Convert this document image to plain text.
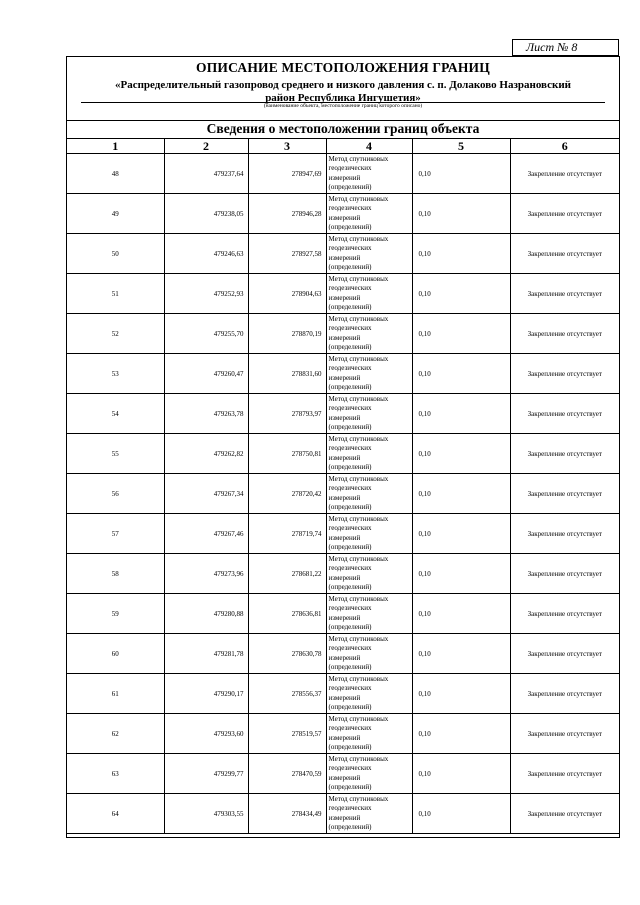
Лист № 8
ОПИСАНИЕ МЕСТОПОЛОЖЕНИЯ ГРАНИЦ
«Распределительный газопровод среднего и низкого давления с. п. Долаково Назрановский
район Республика Ингушетия»
(наименование объекта, местоположение границ которого описано)
Сведения о местоположении границ объекта
1	2	3	4	5	6
48	479237,64	278947,69	Метод спутниковых геодезических измерений (определений)	0,10	Закрепление отсутствует
49	479238,05	278946,28	Метод спутниковых геодезических измерений (определений)	0,10	Закрепление отсутствует
50	479246,63	278927,58	Метод спутниковых геодезических измерений (определений)	0,10	Закрепление отсутствует
51	479252,93	278904,63	Метод спутниковых геодезических измерений (определений)	0,10	Закрепление отсутствует
52	479255,70	278870,19	Метод спутниковых геодезических измерений (определений)	0,10	Закрепление отсутствует
53	479260,47	278831,60	Метод спутниковых геодезических измерений (определений)	0,10	Закрепление отсутствует
54	479263,78	278793,97	Метод спутниковых геодезических измерений (определений)	0,10	Закрепление отсутствует
55	479262,82	278750,81	Метод спутниковых геодезических измерений (определений)	0,10	Закрепление отсутствует
56	479267,34	278720,42	Метод спутниковых геодезических измерений (определений)	0,10	Закрепление отсутствует
57	479267,46	278719,74	Метод спутниковых геодезических измерений (определений)	0,10	Закрепление отсутствует
58	479273,96	278681,22	Метод спутниковых геодезических измерений (определений)	0,10	Закрепление отсутствует
59	479280,88	278636,81	Метод спутниковых геодезических измерений (определений)	0,10	Закрепление отсутствует
60	479281,78	278630,78	Метод спутниковых геодезических измерений (определений)	0,10	Закрепление отсутствует
61	479290,17	278556,37	Метод спутниковых геодезических измерений (определений)	0,10	Закрепление отсутствует
62	479293,60	278519,57	Метод спутниковых геодезических измерений (определений)	0,10	Закрепление отсутствует
63	479299,77	278470,59	Метод спутниковых геодезических измерений (определений)	0,10	Закрепление отсутствует
64	479303,55	278434,49	Метод спутниковых геодезических измерений (определений)	0,10	Закрепление отсутствует
